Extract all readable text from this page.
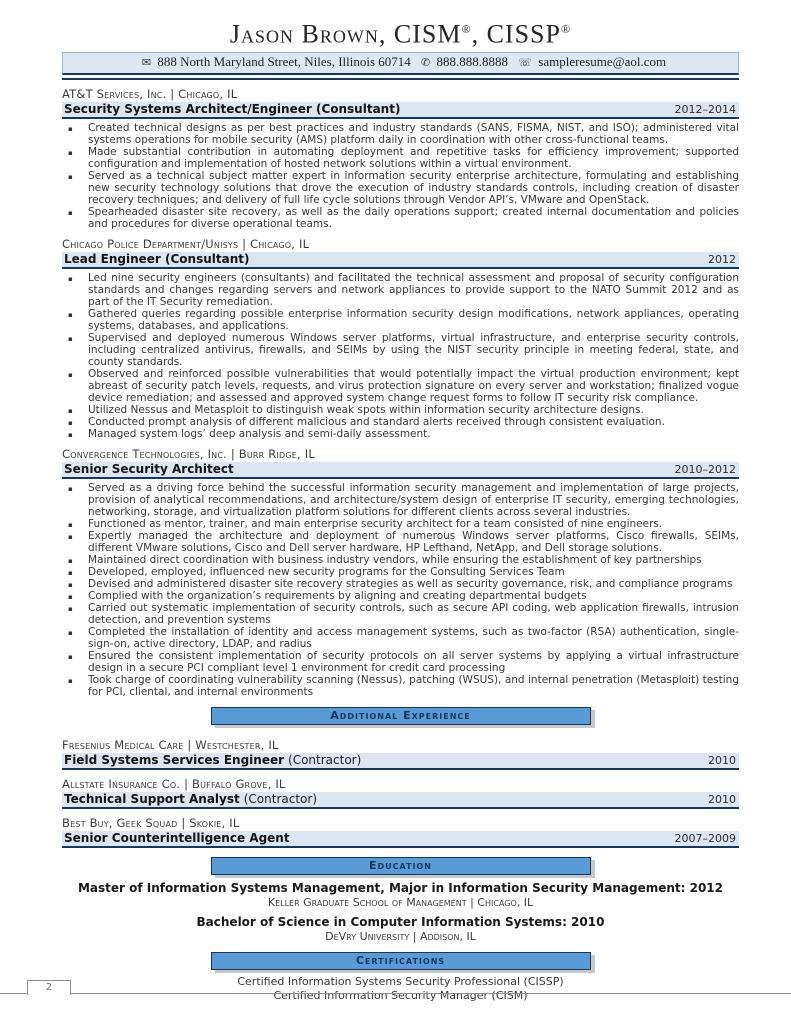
Jason Brown, CISM®, CISSP®
✉ 888 North Maryland Street, Niles, Illinois 60714 ✆ 888.888.8888 ☏ sampleresume@aol.com
AT&T Services, Inc. | Chicago, IL
Security Systems Architect/Engineer (Consultant)	2012–2014
▪ Created technical designs as per best practices and industry standards (SANS, FISMA, NIST, and ISO); administered vital systems operations for mobile security (AMS) platform daily in coordination with other cross-functional teams.
▪ Made substantial contribution in automating deployment and repetitive tasks for efficiency improvement; supported configuration and implementation of hosted network solutions within a virtual environment.
▪ Served as a technical subject matter expert in information security enterprise architecture, formulating and establishing new security technology solutions that drove the execution of industry standards controls, including creation of disaster recovery techniques; and delivery of full life cycle solutions through Vendor API’s, VMware and OpenStack.
▪ Spearheaded disaster site recovery, as well as the daily operations support; created internal documentation and policies and procedures for diverse operational teams.
Chicago Police Department/Unisys | Chicago, IL
Lead Engineer (Consultant)	2012
▪ Led nine security engineers (consultants) and facilitated the technical assessment and proposal of security configuration standards and changes regarding servers and network appliances to provide support to the NATO Summit 2012 and as part of the IT Security remediation.
▪ Gathered queries regarding possible enterprise information security design modifications, network appliances, operating systems, databases, and applications.
▪ Supervised and deployed numerous Windows server platforms, virtual infrastructure, and enterprise security controls, including centralized antivirus, firewalls, and SEIMs by using the NIST security principle in meeting federal, state, and county standards.
▪ Observed and reinforced possible vulnerabilities that would potentially impact the virtual production environment; kept abreast of security patch levels, requests, and virus protection signature on every server and workstation; finalized vogue device remediation; and assessed and approved system change request forms to follow IT security risk compliance.
▪ Utilized Nessus and Metasploit to distinguish weak spots within information security architecture designs.
▪ Conducted prompt analysis of different malicious and standard alerts received through consistent evaluation.
▪ Managed system logs’ deep analysis and semi-daily assessment.
Convergence Technologies, Inc. | Burr Ridge, IL
Senior Security Architect	2010–2012
▪ Served as a driving force behind the successful information security management and implementation of large projects, provision of analytical recommendations, and architecture/system design of enterprise IT security, emerging technologies, networking, storage, and virtualization platform solutions for different clients across several industries.
▪ Functioned as mentor, trainer, and main enterprise security architect for a team consisted of nine engineers.
▪ Expertly managed the architecture and deployment of numerous Windows server platforms, Cisco firewalls, SEIMs, different VMware solutions, Cisco and Dell server hardware, HP Lefthand, NetApp, and Dell storage solutions.
▪ Maintained direct coordination with business industry vendors, while ensuring the establishment of key partnerships
▪ Developed, employed, influenced new security programs for the Consulting Services Team
▪ Devised and administered disaster site recovery strategies as well as security governance, risk, and compliance programs
▪ Complied with the organization’s requirements by aligning and creating departmental budgets
▪ Carried out systematic implementation of security controls, such as secure API coding, web application firewalls, intrusion detection, and prevention systems
▪ Completed the installation of identity and access management systems, such as two-factor (RSA) authentication, single-sign-on, active directory, LDAP, and radius
▪ Ensured the consistent implementation of security protocols on all server systems by applying a virtual infrastructure design in a secure PCI compliant level 1 environment for credit card processing
▪ Took charge of coordinating vulnerability scanning (Nessus), patching (WSUS), and internal penetration (Metasploit) testing for PCI, cliental, and internal environments
Additional Experience
Fresenius Medical Care | Westchester, IL
Field Systems Services Engineer (Contractor)	2010
Allstate Insurance Co. | Buffalo Grove, IL
Technical Support Analyst (Contractor)	2010
Best Buy, Geek Squad | Skokie, IL
Senior Counterintelligence Agent	2007–2009
Education
Master of Information Systems Management, Major in Information Security Management: 2012
Keller Graduate School of Management | Chicago, IL
Bachelor of Science in Computer Information Systems: 2010
DeVry University | Addison, IL
Certifications
Certified Information Systems Security Professional (CISSP)
Certified Information Security Manager (CISM)
2
